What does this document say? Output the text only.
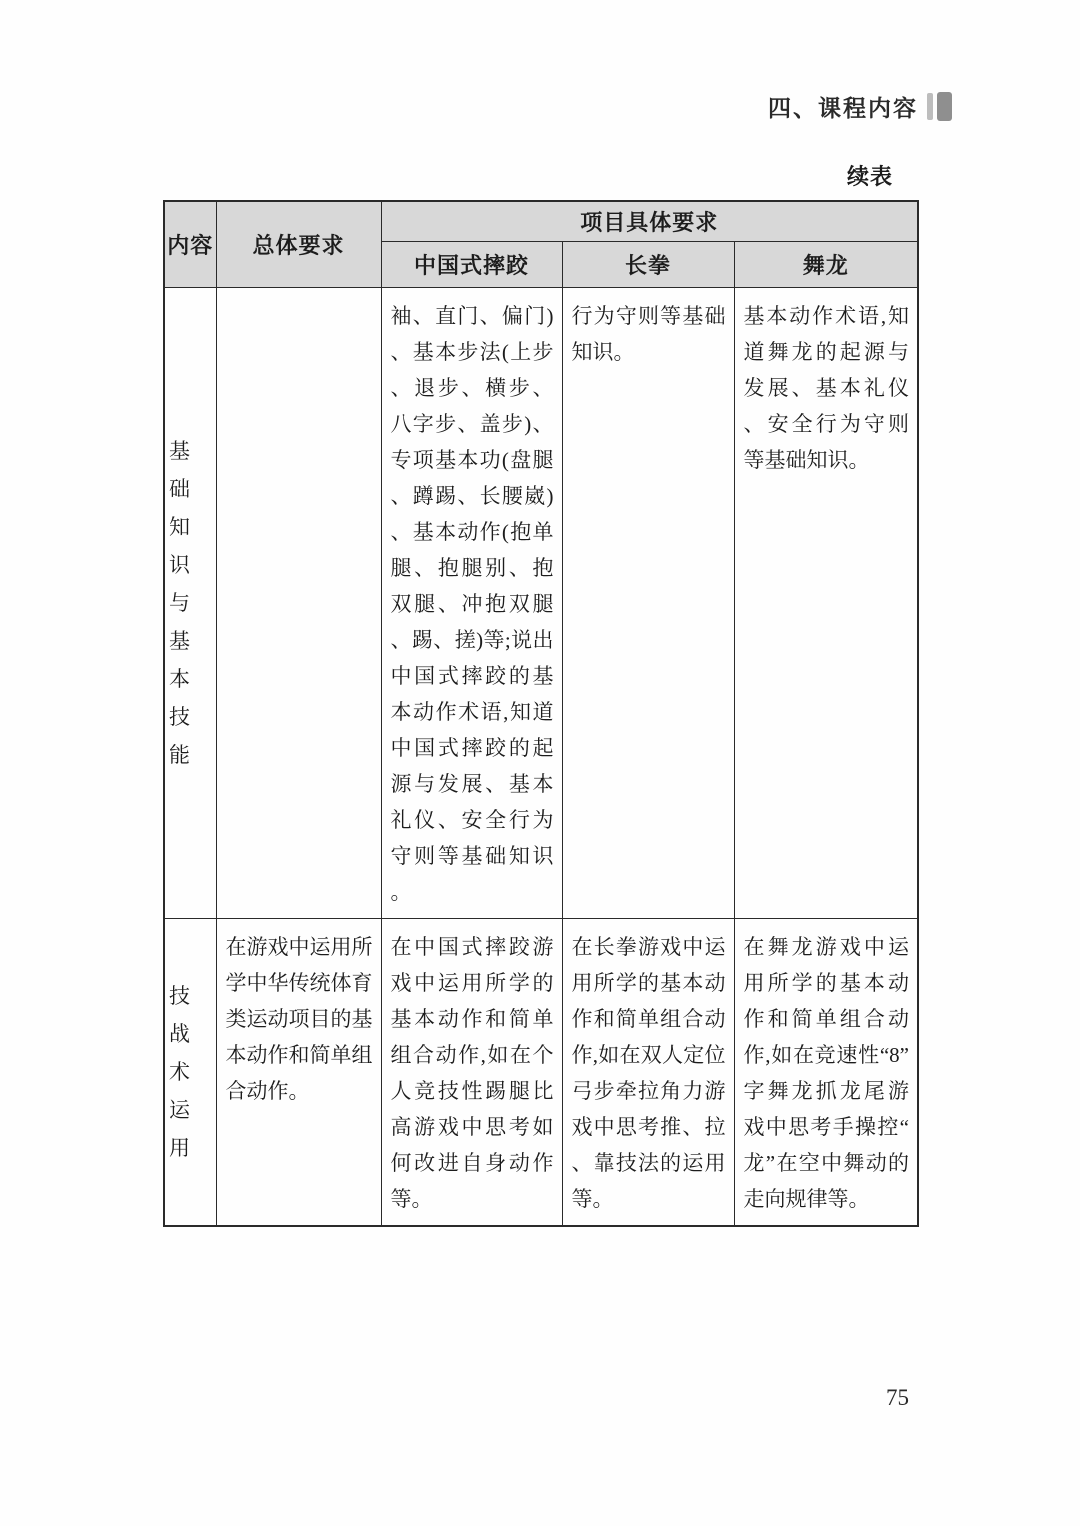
四、课程内容
续表
内容	总体要求	项目具体要求		
		中国式摔跤	长拳	舞龙
基础知识与基本技能		袖、直门、偏门)、基本步法(上步、退步、横步、八字步、盖步)、专项基本功(盘腿、蹲踢、长腰崴)、基本动作(抱单腿、抱腿别、抱双腿、冲抱双腿、踢、搓)等;说出中国式摔跤的基本动作术语,知道中国式摔跤的起源与发展、基本礼仪、安全行为守则等基础知识。	行为守则等基础知识。	基本动作术语,知道舞龙的起源与发展、基本礼仪、安全行为守则等基础知识。
技战术运用	在游戏中运用所学中华传统体育类运动项目的基本动作和简单组合动作。	在中国式摔跤游戏中运用所学的基本动作和简单组合动作,如在个人竞技性踢腿比高游戏中思考如何改进自身动作等。	在长拳游戏中运用所学的基本动作和简单组合动作,如在双人定位弓步牵拉角力游戏中思考推、拉、靠技法的运用等。	在舞龙游戏中运用所学的基本动作和简单组合动作,如在竞速性“8”字舞龙抓龙尾游戏中思考手操控“龙”在空中舞动的走向规律等。
75
